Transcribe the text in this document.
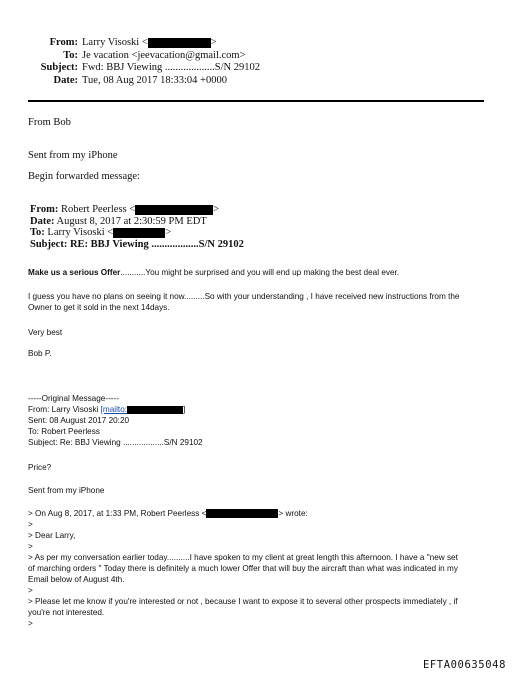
From: Larry Visoski <	>
To: Je vacation <jeevacation@gmail.com>
Subject: Fwd: BBJ Viewing ...................S/N 29102
Date: Tue, 08 Aug 2017 18:33:04 +0000
From Bob
Sent from my iPhone
Begin forwarded message:
From: Robert Peerless <	>
Date: August 8, 2017 at 2:30:59 PM EDT
To: Larry Visoski <	>
Subject: RE: BBJ Viewing ..................S/N 29102
Make us a serious Offer...........You might be surprised and you will end up making the best deal ever.
I guess you have no plans on seeing it now.........So with your understanding , I have received new instructions from the
Owner to get it sold in the next 14days.
Very best
Bob P.
-----Original Message-----
From: Larry Visoski [mailto:	]
Sent: 08 August 2017 20:20
To: Robert Peerless
Subject: Re: BBJ Viewing ..................S/N 29102
Price?
Sent from my iPhone
> On Aug 8, 2017, at 1:33 PM, Robert Peerless <	> wrote:
>
> Dear Larry,
>
> As per my conversation earlier today..........I have spoken to my client at great length this afternoon. I have a "new set
of marching orders " Today there is definitely a much lower Offer that will buy the aircraft than what was indicated in my
Email below of August 4th.
>
> Please let me know if you're interested or not , because I want to expose it to several other prospects immediately , if
you're not interested.
>
EFTA00635048
